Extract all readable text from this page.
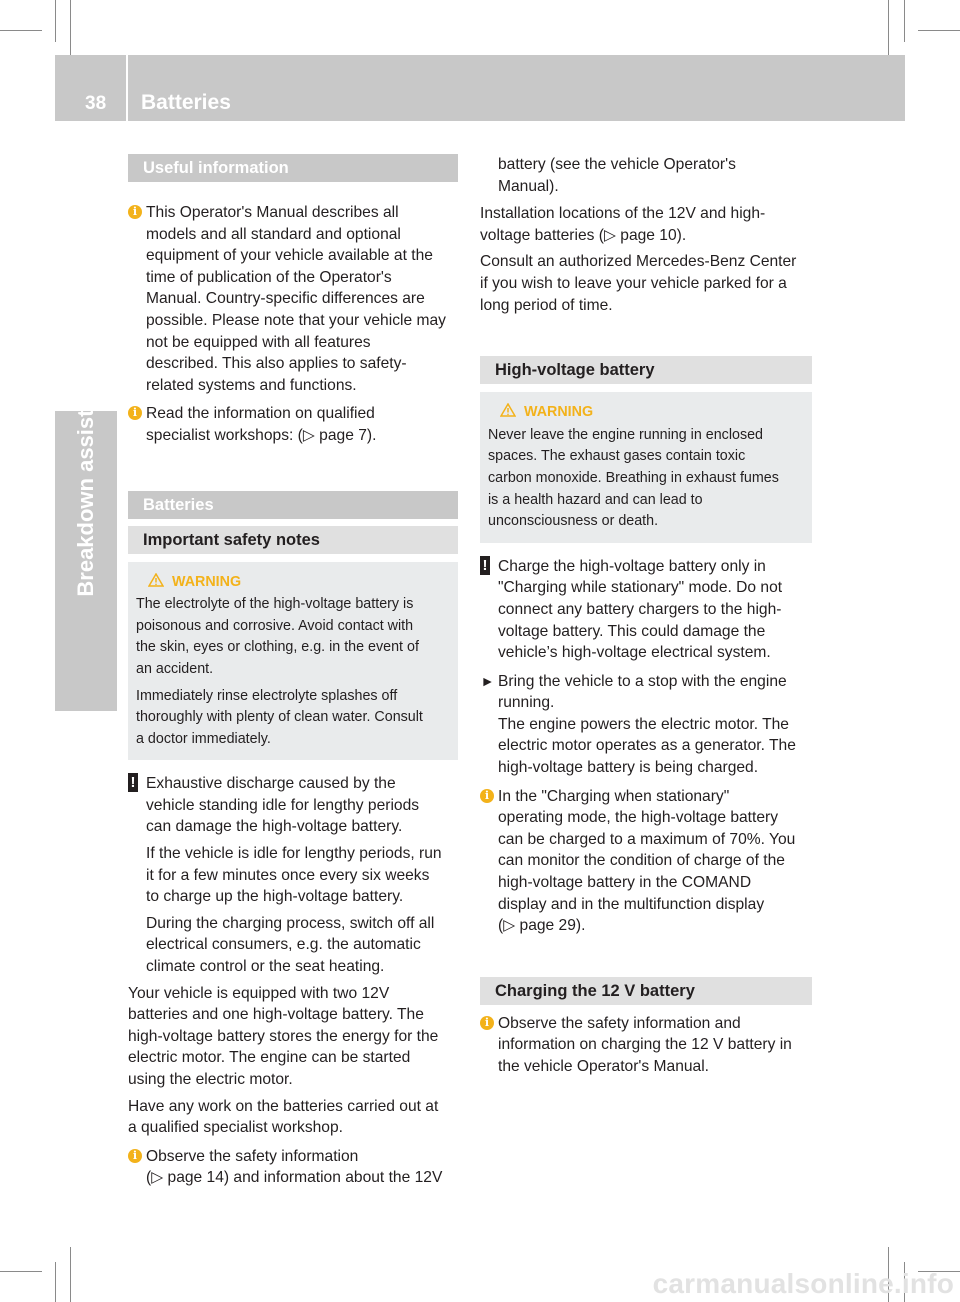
38 Batteries
Breakdown assistance
Useful information
i This Operator's Manual describes all
models and all standard and optional
equipment of your vehicle available at the
time of publication of the Operator's
Manual. Country-specific differences are
possible. Please note that your vehicle may
not be equipped with all features
described. This also applies to safety-
related systems and functions.

i Read the information on qualified
specialist workshops: (▷ page 7).

Batteries
Important safety notes
WARNING

The electrolyte of the high-voltage battery is
poisonous and corrosive. Avoid contact with
the skin, eyes or clothing, e.g. in the event of
an accident.

Immediately rinse electrolyte splashes off
thoroughly with plenty of clean water. Consult
a doctor immediately.

! Exhaustive discharge caused by the
vehicle standing idle for lengthy periods
can damage the high-voltage battery.

If the vehicle is idle for lengthy periods, run
it for a few minutes once every six weeks
to charge up the high-voltage battery.

During the charging process, switch off all
electrical consumers, e.g. the automatic
climate control or the seat heating.

Your vehicle is equipped with two 12V
batteries and one high-voltage battery. The
high-voltage battery stores the energy for the
electric motor. The engine can be started
using the electric motor.

Have any work on the batteries carried out at
a qualified specialist workshop.

i Observe the safety information
(▷ page 14) and information about the 12V

battery (see the vehicle Operator's
Manual).

Installation locations of the 12V and high-
voltage batteries (▷ page 10).

Consult an authorized Mercedes-Benz Center
if you wish to leave your vehicle parked for a
long period of time.

High-voltage battery
WARNING

Never leave the engine running in enclosed
spaces. The exhaust gases contain toxic
carbon monoxide. Breathing in exhaust fumes
is a health hazard and can lead to
unconsciousness or death.

! Charge the high-voltage battery only in
"Charging while stationary" mode. Do not
connect any battery chargers to the high-
voltage battery. This could damage the
vehicle’s high-voltage electrical system.

► Bring the vehicle to a stop with the engine
running.

The engine powers the electric motor. The
electric motor operates as a generator. The
high-voltage battery is being charged.

i In the "Charging when stationary"
operating mode, the high-voltage battery
can be charged to a maximum of 70%. You
can monitor the condition of charge of the
high-voltage battery in the COMAND
display and in the multifunction display
(▷ page 29).

Charging the 12 V battery
i Observe the safety information and
information on charging the 12 V battery in
the vehicle Operator's Manual.

carmanualsonline.info
